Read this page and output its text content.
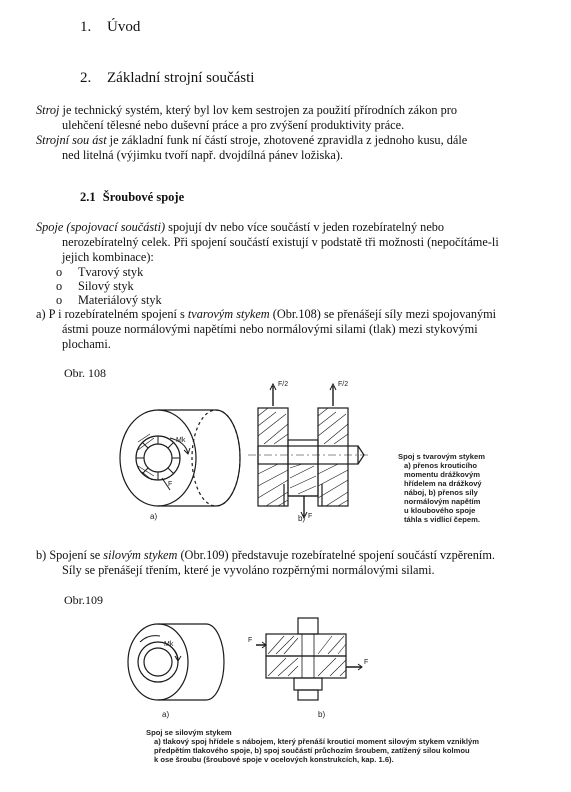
1. Úvod
2. Základní strojní součásti
Stroj je technický systém, který byl lov⁠ kem sestrojen za použití přírodních zákon⁠ pro
ulehčení tělesné nebo duševní práce a pro zvýšení produktivity práce.
Strojní sou⁠ ást je základní funk ní částí stroje, zhotovené zpravidla z jednoho kusu, dále
ned⁠ litelná (výjimku tvoří např. dvojdílná pánev ložiska).
2.1 Šroubové spoje
Spoje (spojovací součásti) spojují dv nebo více součástí v jeden rozebíratelný nebo
nerozebíratelný celek. Při spojení součástí existují v podstatě tři možnosti (nepočítáme-li
jejich kombinace):
o Tvarový styk
o Silový styk
o Materiálový styk
a) P i rozebíratelném spojení s tvarovým stykem (Obr.108) se přenášejí síly mezi spojovanými
ástmi pouze normálovými napětími nebo normálovými silami (tlak) mezi stykovými
plochami.
Obr. 108
F/2	F/2
F
Mk
F
a)	b)
Spoj s tvarovým stykem
a) přenos krouticího
momentu drážkovým
hřídelem na drážkový
náboj, b) přenos síly
normálovým napětím
u kloubového spoje
táhla s vidlicí čepem.
b) Spojení se silovým stykem (Obr.109) představuje rozebíratelné spojení součástí vzpěrením.
Síly se přenášejí třením, které je vyvoláno rozpěrnými normálovými silami.
Obr.109
F
F
Mk
a)	b)
Spoj se silovým stykem
a) tlakový spoj hřídele s nábojem, který přenáší krouticí moment silovým stykem vzniklým
předpětím tlakového spoje, b) spoj součástí průchozím šroubem, zatížený silou kolmou
k ose šroubu (šroubové spoje v ocelových konstrukcích, kap. 1.6).
